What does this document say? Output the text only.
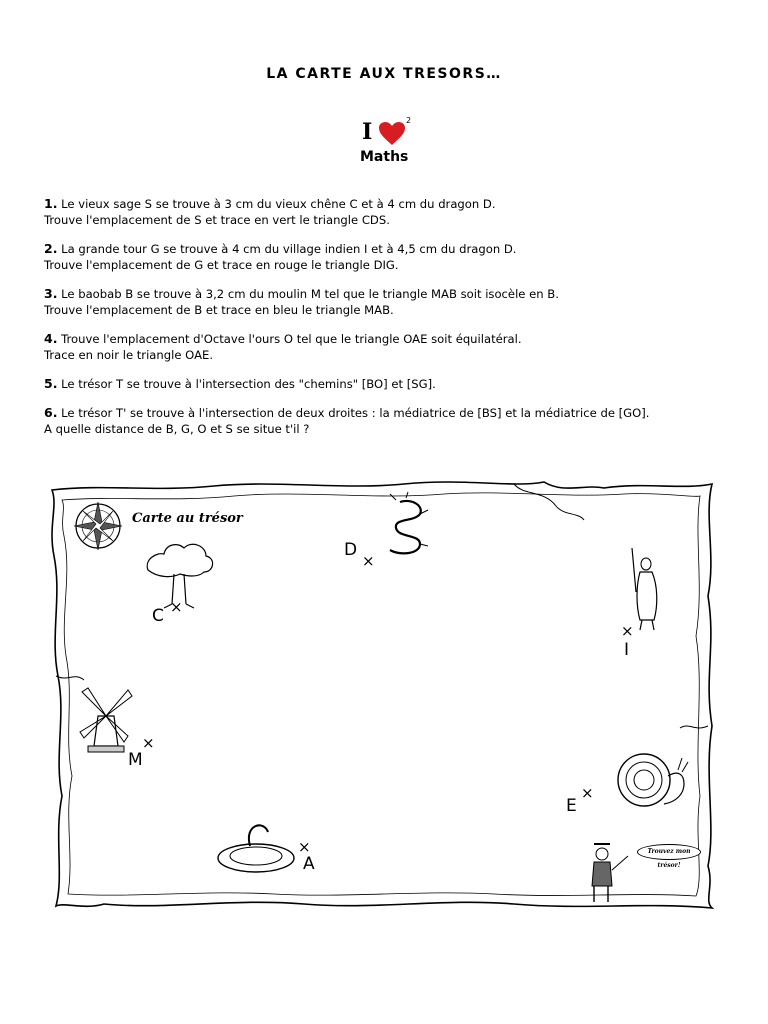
LA CARTE AUX TRESORS…
I	2
Maths
1. Le vieux sage S se trouve à 3 cm du vieux chêne C et à 4 cm du dragon D.
Trouve l'emplacement de S et trace en vert le triangle CDS.
2. La grande tour G se trouve à 4 cm du village indien I et à 4,5 cm du dragon D.
Trouve l'emplacement de G et trace en rouge le triangle DIG.
3. Le baobab B se trouve à 3,2 cm du moulin M tel que le triangle MAB soit isocèle en B.
Trouve l'emplacement de B et trace en bleu le triangle MAB.
4. Trouve l'emplacement d'Octave l'ours O tel que le triangle OAE soit équilatéral.
Trace en noir le triangle OAE.
5. Le trésor T se trouve à l'intersection des "chemins" [BO] et [SG].
6. Le trésor T' se trouve à l'intersection de deux droites : la médiatrice de [BS] et la médiatrice de [GO].
A quelle distance de B, G, O et S se situe t'il ?
Carte au trésor
D
×
C ×
×
I
×
M
×
E
×
A
Trouvez mon trésor!
